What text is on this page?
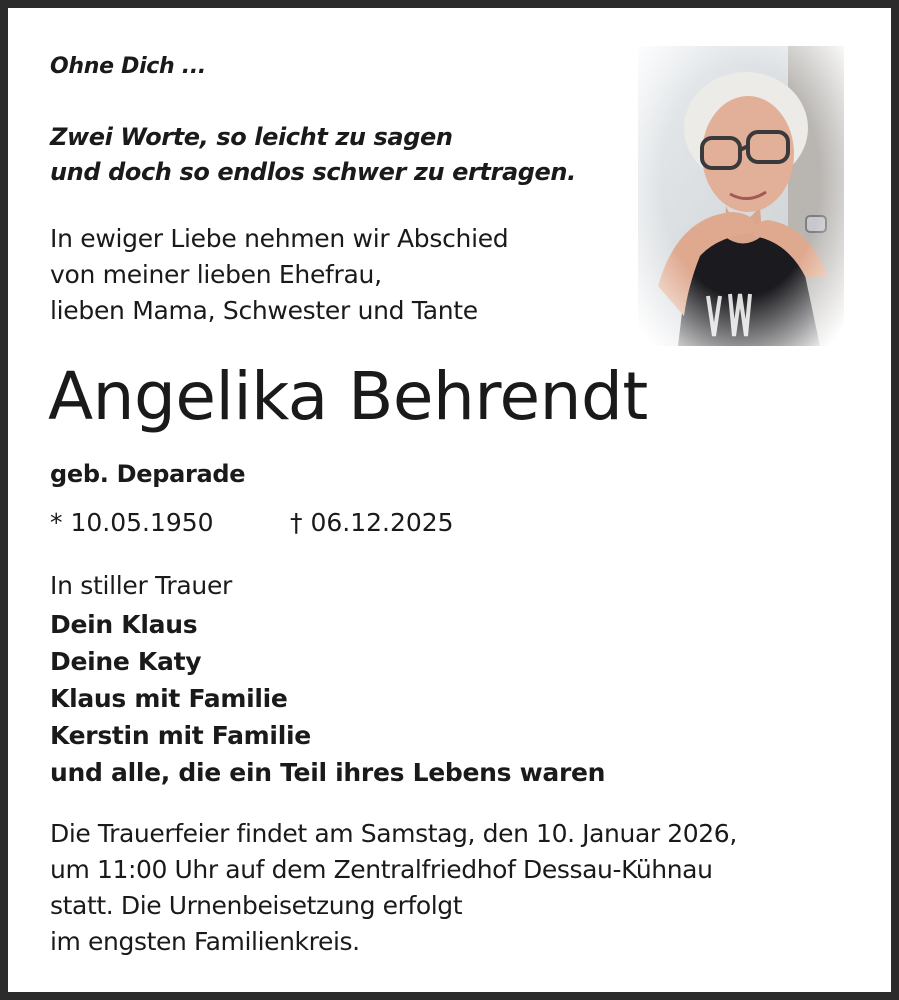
Ohne Dich ...
Zwei Worte, so leicht zu sagen
und doch so endlos schwer zu ertragen.
In ewiger Liebe nehmen wir Abschied
von meiner lieben Ehefrau,
lieben Mama, Schwester und Tante
Angelika Behrendt
geb. Deparade
* 10.05.1950	† 06.12.2025
In stiller Trauer
Dein Klaus
Deine Katy
Klaus mit Familie
Kerstin mit Familie
und alle, die ein Teil ihres Lebens waren
Die Trauerfeier findet am Samstag, den 10. Januar 2026,
um 11:00 Uhr auf dem Zentralfriedhof Dessau-Kühnau
statt. Die Urnenbeisetzung erfolgt
im engsten Familienkreis.
